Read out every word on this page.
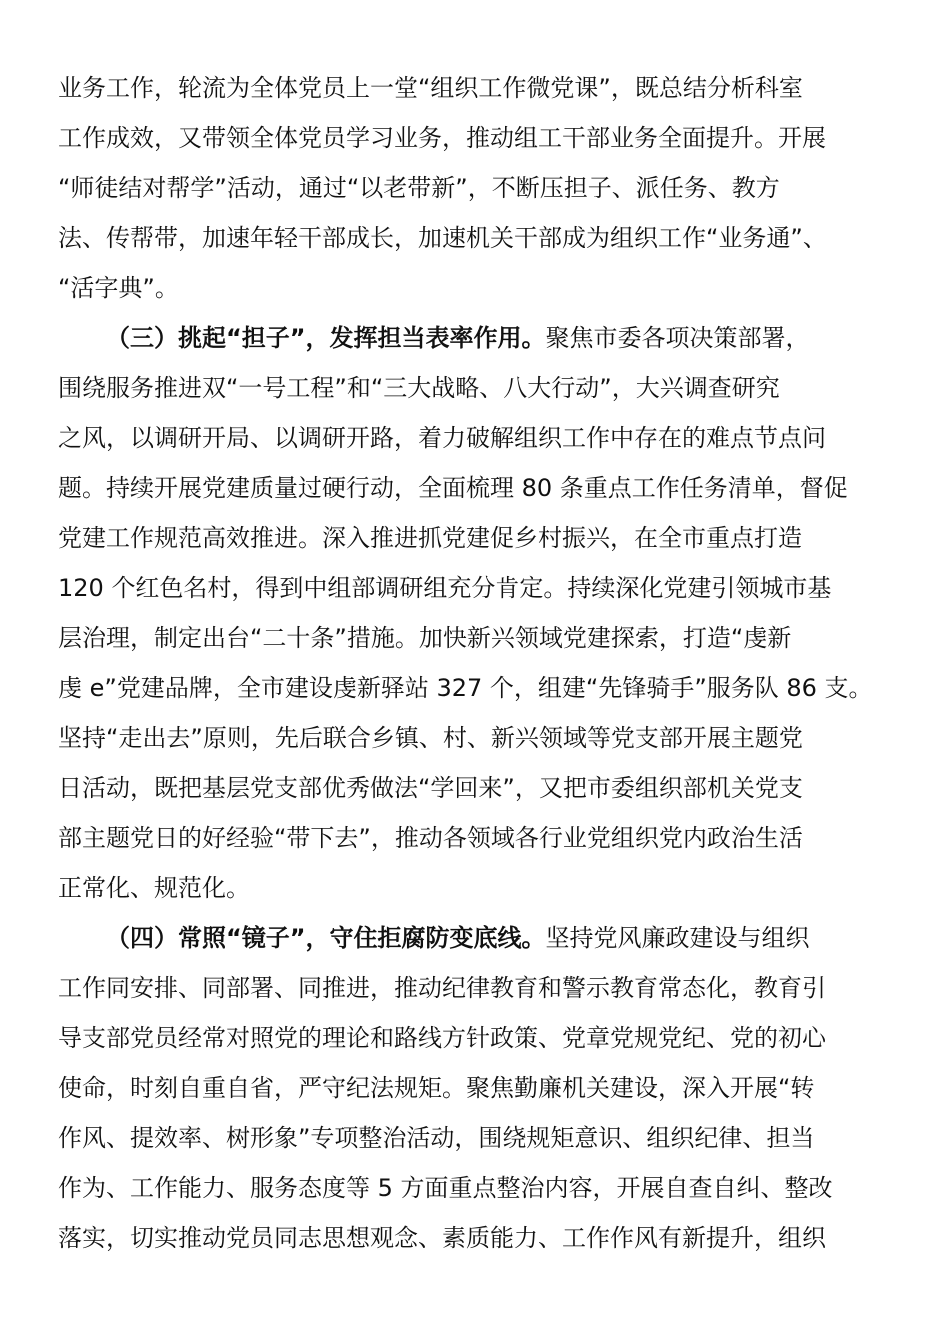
业务工作，轮流为全体党员上一堂“组织工作微党课”，既总结分析科室
工作成效，又带领全体党员学习业务，推动组工干部业务全面提升。开展
“师徒结对帮学”活动，通过“以老带新”，不断压担子、派任务、教方
法、传帮带，加速年轻干部成长，加速机关干部成为组织工作“业务通”、
“活字典”。
（三）挑起“担子”，发挥担当表率作用。聚焦市委各项决策部署，
围绕服务推进双“一号工程”和“三大战略、八大行动”，大兴调查研究
之风，以调研开局、以调研开路，着力破解组织工作中存在的难点节点问
题。持续开展党建质量过硬行动，全面梳理 80 条重点工作任务清单，督促
党建工作规范高效推进。深入推进抓党建促乡村振兴，在全市重点打造
120 个红色名村，得到中组部调研组充分肯定。持续深化党建引领城市基
层治理，制定出台“二十条”措施。加快新兴领域党建探索，打造“虔新
虔 e”党建品牌，全市建设虔新驿站 327 个，组建“先锋骑手”服务队 86 支。
坚持“走出去”原则，先后联合乡镇、村、新兴领域等党支部开展主题党
日活动，既把基层党支部优秀做法“学回来”，又把市委组织部机关党支
部主题党日的好经验“带下去”，推动各领域各行业党组织党内政治生活
正常化、规范化。
（四）常照“镜子”，守住拒腐防变底线。坚持党风廉政建设与组织
工作同安排、同部署、同推进，推动纪律教育和警示教育常态化，教育引
导支部党员经常对照党的理论和路线方针政策、党章党规党纪、党的初心
使命，时刻自重自省，严守纪法规矩。聚焦勤廉机关建设，深入开展“转
作风、提效率、树形象”专项整治活动，围绕规矩意识、组织纪律、担当
作为、工作能力、服务态度等 5 方面重点整治内容，开展自查自纠、整改
落实，切实推动党员同志思想观念、素质能力、工作作风有新提升，组织
